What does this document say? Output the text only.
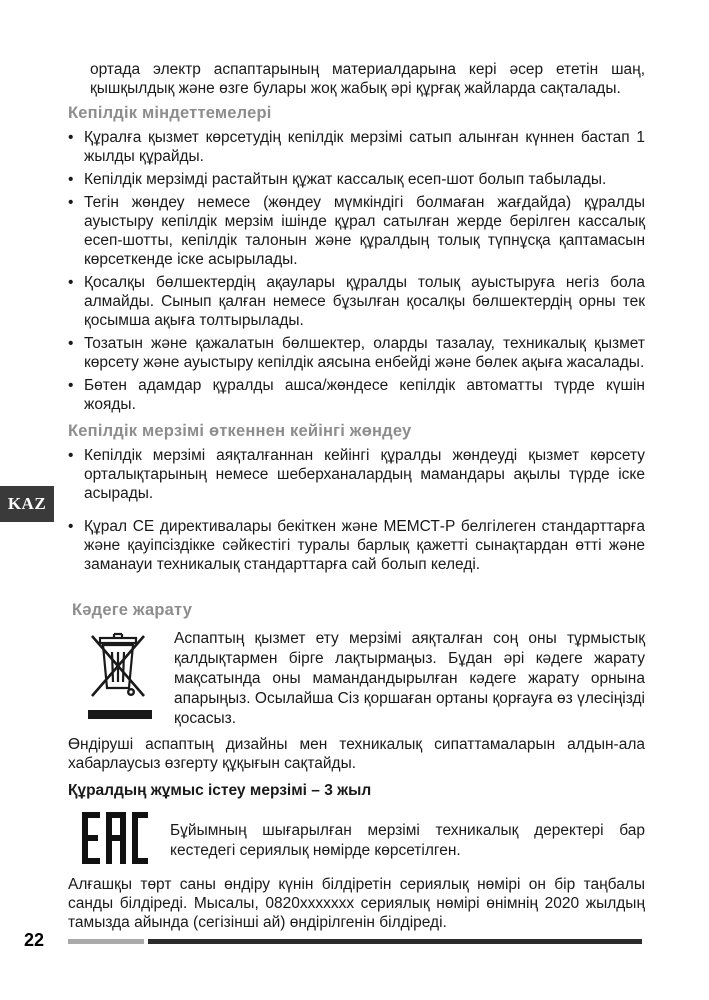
ортада электр аспаптарының материалдарына кері әсер ететін шаң, қышқылдық және өзге булары жоқ жабық әрі құрғақ жайларда сақталады.
Кепілдік міндеттемелері
• Құралға қызмет көрсетудің кепілдік мерзімі сатып алынған күннен бастап 1 жылды құрайды.
• Кепілдік мерзімді растайтын құжат кассалық есеп-шот болып табылады.
• Тегін жөндеу немесе (жөндеу мүмкіндігі болмаған жағдайда) құралды ауыстыру кепілдік мерзім ішінде құрал сатылған жерде берілген кассалық есеп-шотты, кепілдік талонын және құралдың толық түпнұсқа қаптамасын көрсеткенде іске асырылады.
• Қосалқы бөлшектердің ақаулары құралды толық ауыстыруға негіз бола алмайды. Сынып қалған немесе бұзылған қосалқы бөлшектердің орны тек қосымша ақыға толтырылады.
• Тозатын және қажалатын бөлшектер, оларды тазалау, техникалық қызмет көрсету және ауыстыру кепілдік аясына енбейді және бөлек ақыға жасалады.
• Бөтен адамдар құралды ашса/жөндесе кепілдік автоматты түрде күшін жояды.
Кепілдік мерзімі өткеннен кейінгі жөндеу
• Кепілдік мерзімі аяқталғаннан кейінгі құралды жөндеуді қызмет көрсету орталықтарының немесе шеберханалардың мамандары ақылы түрде іске асырады.
• Құрал СЕ директивалары бекіткен және МЕМСТ-Р белгілеген стандарттарға және қауіпсіздікке сәйкестігі туралы барлық қажетті сынақтардан өтті және заманауи техникалық стандарттарға сай болып келеді.
KAZ
Кәдеге жарату
Аспаптың қызмет ету мерзімі аяқталған соң оны тұрмыстық қалдықтармен бірге лақтырмаңыз. Бұдан әрі кәдеге жарату мақсатында оны мамандандырылған кәдеге жарату орнына апарыңыз. Осылайша Сіз қоршаған ортаны қорғауға өз үлесіңізді қосасыз.
Өндіруші аспаптың дизайны мен техникалық сипаттамаларын алдын-ала хабарлаусыз өзгерту құқығын сақтайды.
Құралдың жұмыс істеу мерзімі – 3 жыл
Бұйымның шығарылған мерзімі техникалық деректері бар кестедегі сериялық нөмірде көрсетілген.
Алғашқы төрт саны өндіру күнін білдіретін сериялық нөмірі он бір таңбалы санды білдіреді. Мысалы, 0820xxxxxxx сериялық нөмірі өнімнің 2020 жылдың тамызда айында (сегізінші ай) өндірілгенін білдіреді.
22
